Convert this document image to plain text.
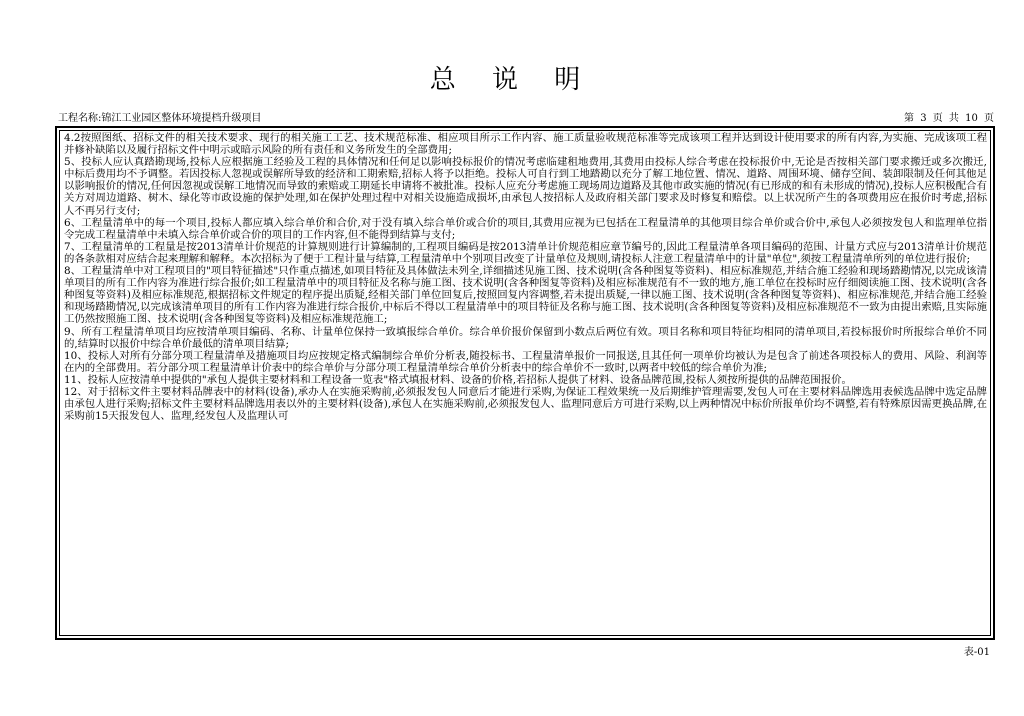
总 说 明
工程名称:锦江工业园区整体环境提档升级项目	第 3 页 共 10 页

4.2按照图纸、招标文件的相关技术要求、现行的相关施工工艺、技术规范标准、相应项目所示工作内容、施工质量验收规范标准等完成该项工程并达到设计使用要求的所有内容,为实施、完成该项工程并修补缺陷以及履行招标文件中明示或暗示风险的所有责任和义务所发生的全部费用;

5、投标人应认真踏勘现场,投标人应根据施工经验及工程的具体情况和任何足以影响投标报价的情况考虑临建租地费用,其费用由投标人综合考虑在投标报价中,无论是否按相关部门要求搬迁或多次搬迁,中标后费用均不予调整。若因投标人忽视或误解所导致的经济和工期索赔,招标人将予以拒绝。投标人可自行到工地踏勘以充分了解工地位置、情况、道路、周围环境、储存空间、装卸限制及任何其他足以影响报价的情况,任何因忽视或误解工地情况而导致的索赔或工期延长申请将不被批准。投标人应充分考虑施工现场周边道路及其他市政实施的情况(有已形成的和有未形成的情况),投标人应积极配合有关方对周边道路、树木、绿化等市政设施的保护处理,如在保护处理过程中对相关设施造成损坏,由承包人按招标人及政府相关部门要求及时修复和赔偿。以上状况所产生的各项费用应在报价时考虑,招标人不再另行支付;

6、工程量清单中的每一个项目,投标人都应填入综合单价和合价,对于没有填入综合单价或合价的项目,其费用应视为已包括在工程量清单的其他项目综合单价或合价中,承包人必须按发包人和监理单位指令完成工程量清单中未填入综合单价或合价的项目的工作内容,但不能得到结算与支付;

7、工程量清单的工程量是按2013清单计价规范的计算规则进行计算编制的,工程项目编码是按2013清单计价规范相应章节编号的,因此工程量清单各项目编码的范围、计量方式应与2013清单计价规范的各条款相对应结合起来理解和解释。本次招标为了便于工程计量与结算,工程量清单中个别项目改变了计量单位及规则,请投标人注意工程量清单中的计量"单位",须按工程量清单所列的单位进行报价;

8、工程量清单中对工程项目的"项目特征描述"只作重点描述,如项目特征及具体做法未列全,详细描述见施工图、技术说明(含各种图复等资料)、相应标准规范,并结合施工经验和现场踏勘情况,以完成该清单项目的所有工作内容为准进行综合报价;如工程量清单中的项目特征及名称与施工图、技术说明(含各种图复等资料)及相应标准规范有不一致的地方,施工单位在投标时应仔细阅读施工图、技术说明(含各种图复等资料)及相应标准规范,根据招标文件规定的程序提出质疑,经相关部门单位回复后,按照回复内容调整,若未提出质疑,一律以施工图、技术说明(含各种图复等资料)、相应标准规范,并结合施工经验和现场踏勘情况,以完成该清单项目的所有工作内容为准进行综合报价,中标后不得以工程量清单中的项目特征及名称与施工图、技术说明(含各种图复等资料)及相应标准规范不一致为由提出索赔,且实际施工仍然按照施工图、技术说明(含各种图复等资料)及相应标准规范施工;

9、所有工程量清单项目均应按清单项目编码、名称、计量单位保持一致填报综合单价。综合单价报价保留到小数点后两位有效。项目名称和项目特征均相同的清单项目,若投标报价时所报综合单价不同的,结算时以报价中综合单价最低的清单项目结算;

10、投标人对所有分部分项工程量清单及措施项目均应按规定格式编制综合单价分析表,随投标书、工程量清单报价一同报送,且其任何一项单价均被认为是包含了前述各项投标人的费用、风险、利润等在内的全部费用。若分部分项工程量清单计价表中的综合单价与分部分项工程量清单综合单价分析表中的综合单价不一致时,以两者中较低的综合单价为准;

11、投标人应按清单中提供的"承包人提供主要材料和工程设备一览表"格式填报材料、设备的价格,若招标人提供了材料、设备品牌范围,投标人须按所提供的品牌范围报价。

12、对于招标文件主要材料品牌表中的材料(设备),承办人在实施采购前,必须报发包人同意后才能进行采购,为保证工程效果统一及后期维护管理需要,发包人可在主要材料品牌选用表候选品牌中选定品牌由承包人进行采购;招标文件主要材料品牌选用表以外的主要材料(设备),承包人在实施采购前,必须报发包人、监理同意后方可进行采购,以上两种情况中标价所报单价均不调整,若有特殊原因需更换品牌,在采购前15天报发包人、监理,经发包人及监理认可

表-01
